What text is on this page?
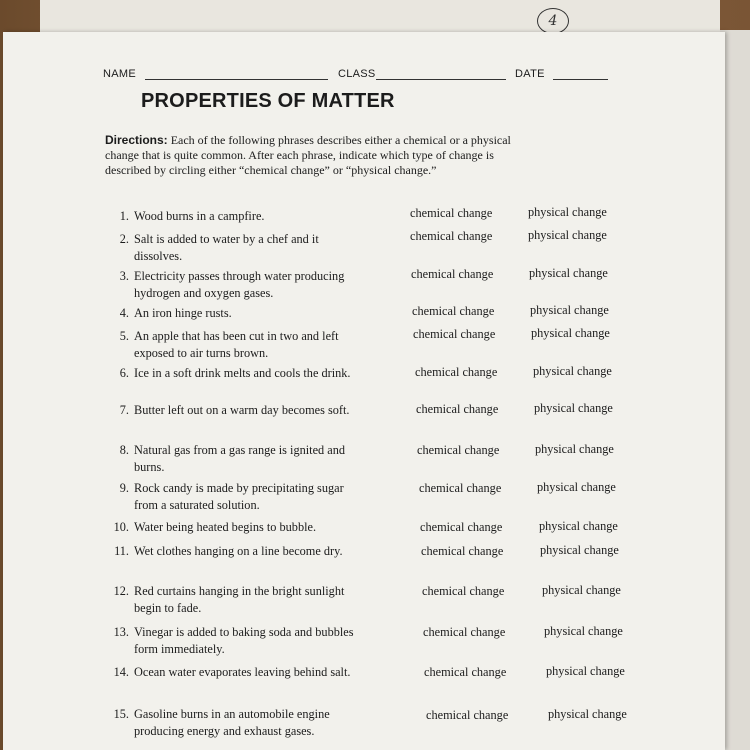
4
NAME	CLASS	DATE
PROPERTIES OF MATTER
Directions: Each of the following phrases describes either a chemical or a physical change that is quite common. After each phrase, indicate which type of change is described by circling either “chemical change” or “physical change.”
1. Wood burns in a campfire.	chemical change	physical change
2. Salt is added to water by a chef and it dissolves.
chemical change	physical change
3. Electricity passes through water producing hydrogen and oxygen gases.
chemical change	physical change
4. An iron hinge rusts.	chemical change	physical change
5. An apple that has been cut in two and left exposed to air turns brown.
chemical change	physical change
6. Ice in a soft drink melts and cools the drink.	chemical change	physical change
7. Butter left out on a warm day becomes soft.	chemical change	physical change
8. Natural gas from a gas range is ignited and burns.
chemical change	physical change
9. Rock candy is made by precipitating sugar from a saturated solution.
chemical change	physical change
10. Water being heated begins to bubble.	chemical change	physical change
11. Wet clothes hanging on a line become dry.	chemical change	physical change
12. Red curtains hanging in the bright sunlight begin to fade.
chemical change	physical change
13. Vinegar is added to baking soda and bubbles form immediately.
chemical change	physical change
14. Ocean water evaporates leaving behind salt.	chemical change	physical change
15. Gasoline burns in an automobile engine producing energy and exhaust gases.
chemical change	physical change
